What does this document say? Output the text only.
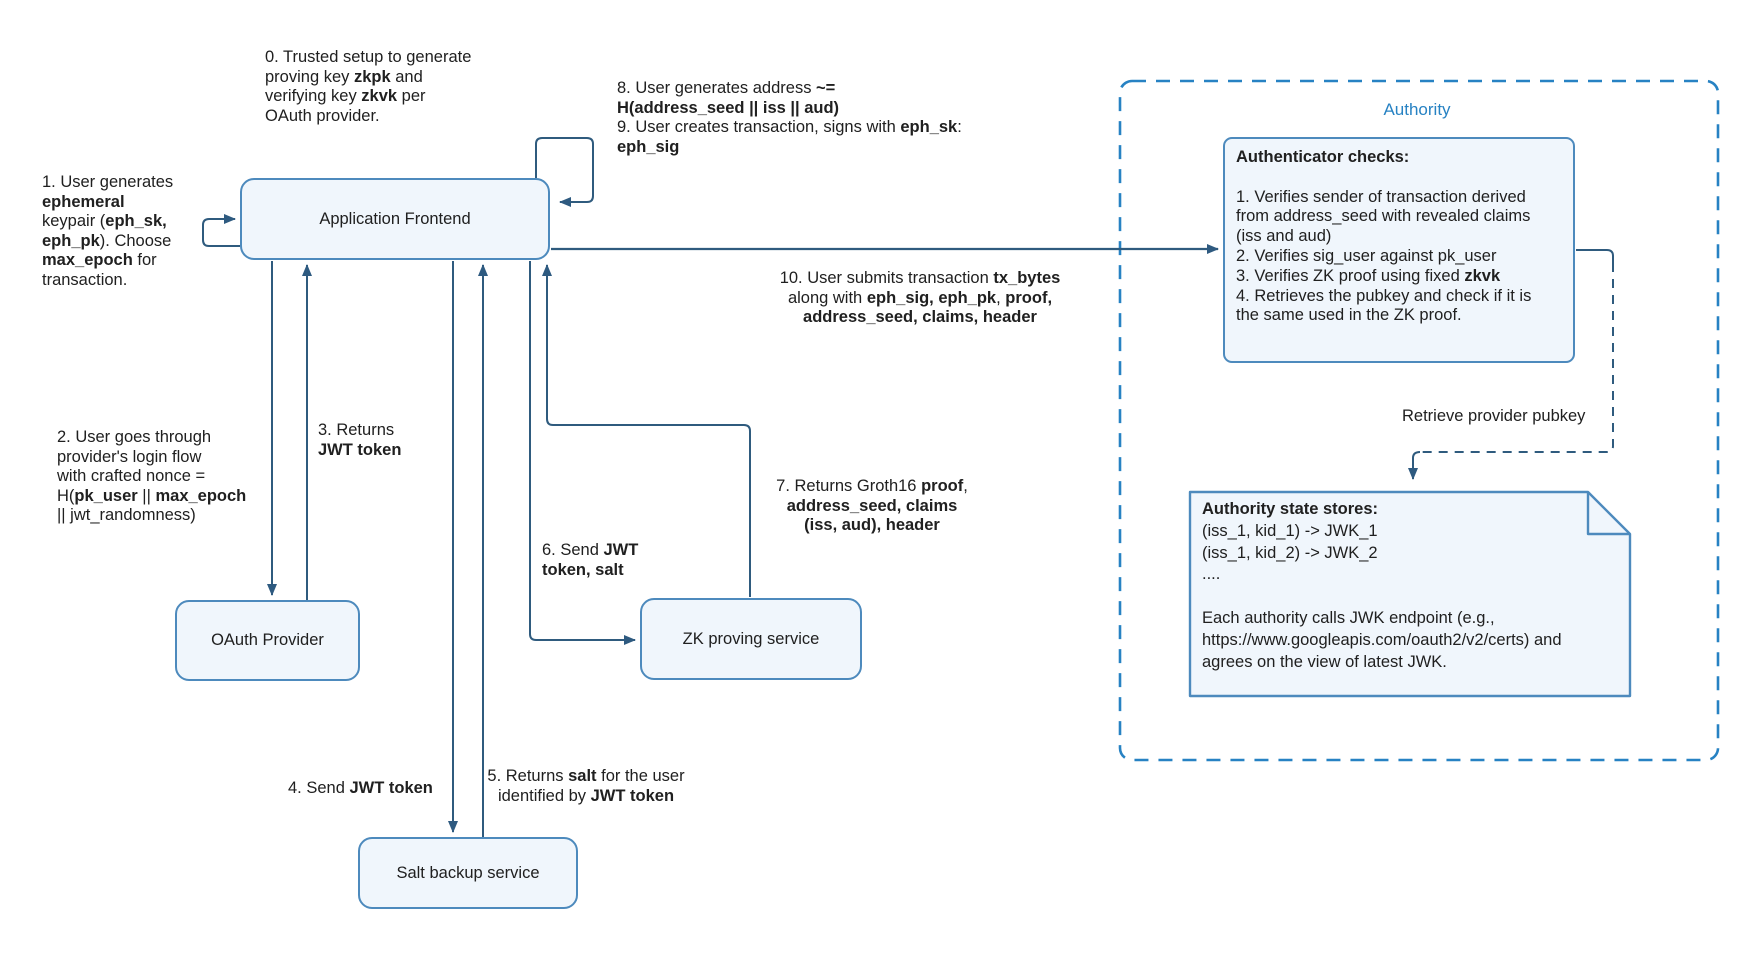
Application Frontend
OAuth Provider	ZK proving service
Salt backup service
Authority
Authenticator checks:
1. Verifies sender of transaction derived
from address_seed with revealed claims
(iss and aud)
2. Verifies sig_user against pk_user
3. Verifies ZK proof using fixed zkvk
4. Retrieves the pubkey and check if it is
the same used in the ZK proof.
Retrieve provider pubkey
Authority state stores:
(iss_1, kid_1) -> JWK_1
(iss_1, kid_2) -> JWK_2
....

Each authority calls JWK endpoint (e.g.,
https://www.googleapis.com/oauth2/v2/certs) and
agrees on the view of latest JWK.
0. Trusted setup to generate
proving key zkpk and
verifying key zkvk per
OAuth provider.
1. User generates
ephemeral
keypair (eph_sk,
eph_pk). Choose
max_epoch for
transaction.
2. User goes through
provider's login flow
with crafted nonce =
H(pk_user || max_epoch
|| jwt_randomness)
3. Returns
JWT token
4. Send JWT token
5. Returns salt for the user
identified by JWT token
6. Send JWT
token, salt
7. Returns Groth16 proof,
address_seed, claims
(iss, aud), header
8. User generates address ~=
H(address_seed || iss || aud)
9. User creates transaction, signs with eph_sk:
eph_sig
10. User submits transaction tx_bytes
along with eph_sig, eph_pk, proof,
address_seed, claims, header
